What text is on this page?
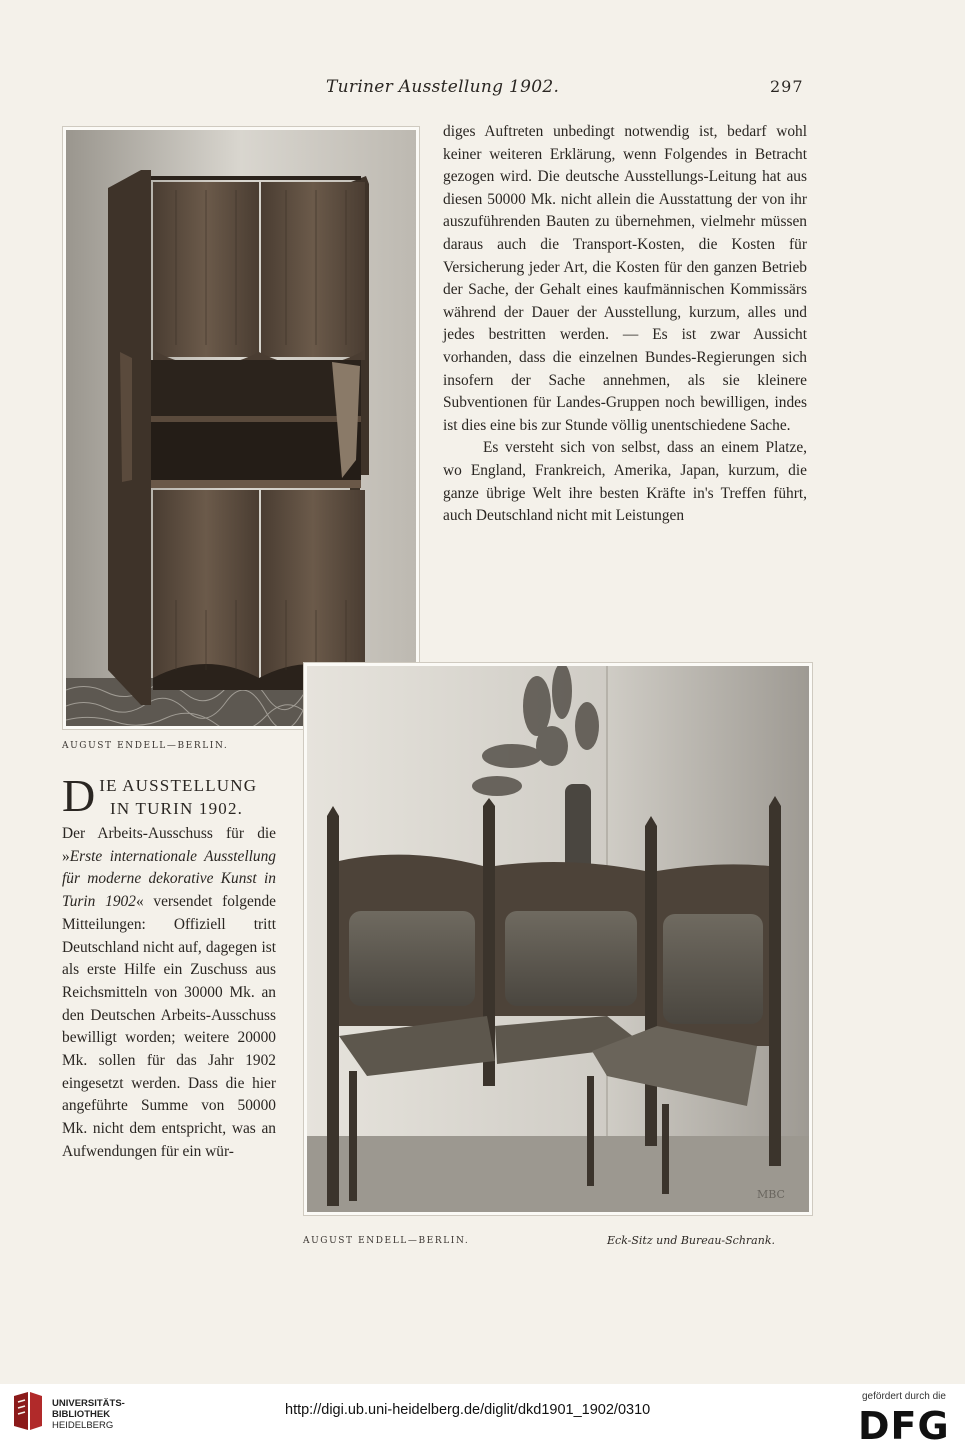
Turiner Ausstellung 1902.	297
AUGUST ENDELL—BERLIN.
MBC
AUGUST ENDELL—BERLIN.	Eck-Sitz und Bureau-Schrank.

diges Auftreten unbedingt notwendig ist, bedarf wohl keiner weiteren Erklärung, wenn Folgendes in Betracht gezogen wird. Die deutsche Ausstellungs-Leitung hat aus diesen 50000 Mk. nicht allein die Ausstattung der von ihr auszuführenden Bauten zu übernehmen, vielmehr müssen daraus auch die Transport-Kosten, die Kosten für Versicherung jeder Art, die Kosten für den ganzen Betrieb der Sache, der Gehalt eines kaufmännischen Kommissärs während der Dauer der Ausstellung, kurzum, alles und jedes bestritten werden. — Es ist zwar Aussicht vorhanden, dass die einzelnen Bundes-Regierungen sich insofern der Sache annehmen, als sie kleinere Subventionen für Landes-Gruppen noch bewilligen, indes ist dies eine bis zur Stunde völlig unentschiedene Sache.

Es versteht sich von selbst, dass an einem Platze, wo England, Frankreich, Amerika, Japan, kurzum, die ganze übrige Welt ihre besten Kräfte in's Treffen führt, auch Deutschland nicht mit Leistungen

D IE AUSSTELLUNG
IN TURIN 1902.

Der Arbeits-Ausschuss für die »Erste internationale Ausstellung für moderne dekorative Kunst in Turin 1902« versendet folgende Mitteilungen: Offiziell tritt Deutschland nicht auf, dagegen ist als erste Hilfe ein Zuschuss aus Reichsmitteln von 30000 Mk. an den Deutschen Arbeits-Ausschuss bewilligt worden; weitere 20000 Mk. sollen für das Jahr 1902 eingesetzt werden. Dass die hier angeführte Summe von 50000 Mk. nicht dem entspricht, was an Aufwendungen für ein wür-

UNIVERSITÄTS-
BIBLIOTHEK
HEIDELBERG
http://digi.ub.uni-heidelberg.de/diglit/dkd1901_1902/0310
gefördert durch die
DFG
